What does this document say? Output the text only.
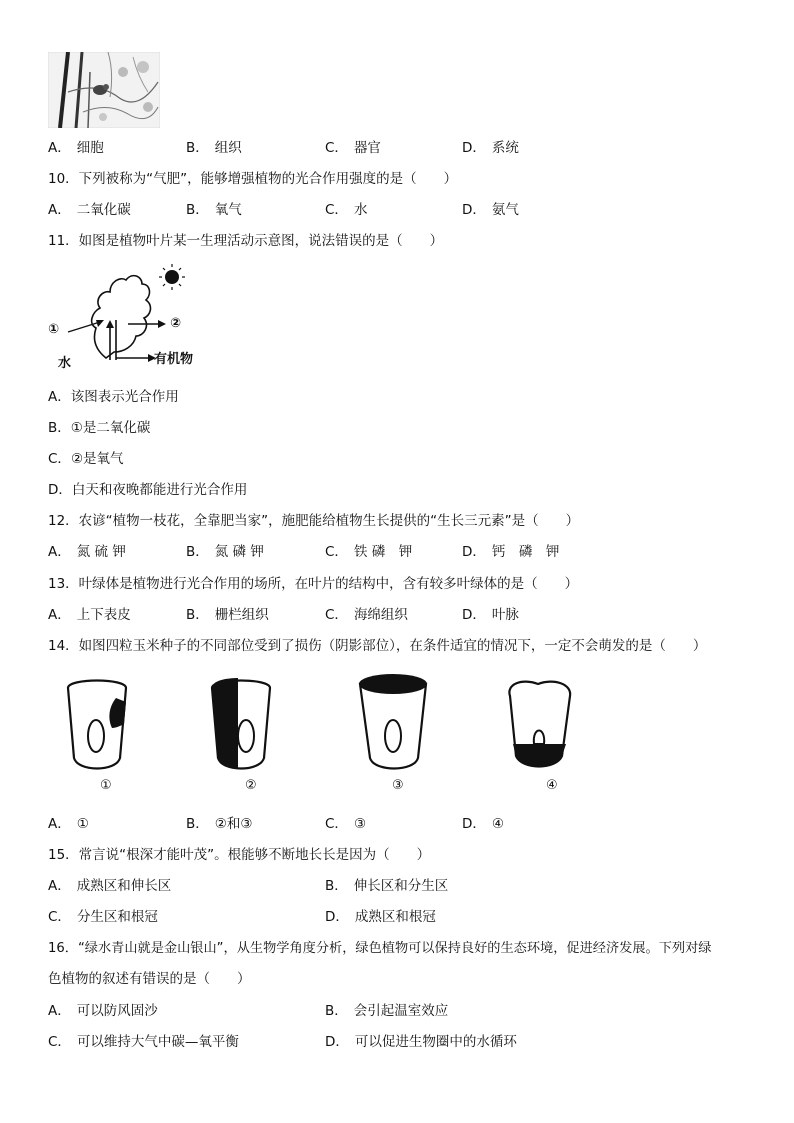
A． 细胞	B． 组织	C． 器官	D． 系统
10．下列被称为“气肥”，能够增强植物的光合作用强度的是（　　）
A． 二氧化碳	B． 氧气	C． 水	D． 氨气
11．如图是植物叶片某一生理活动示意图，说法错误的是（　　）
①	②
水	有机物
A．该图表示光合作用
B．①是二氧化碳
C．②是氧气
D．白天和夜晚都能进行光合作用
12．农谚“植物一枝花，全靠肥当家”，施肥能给植物生长提供的“生长三元素”是（　　）
A． 氮 硫 钾	B． 氮 磷 钾	C． 铁 磷　钾	D． 钙　磷　钾
13．叶绿体是植物进行光合作用的场所，在叶片的结构中，含有较多叶绿体的是（　　）
A． 上下表皮	B． 栅栏组织	C． 海绵组织	D． 叶脉
14．如图四粒玉米种子的不同部位受到了损伤（阴影部位），在条件适宜的情况下，一定不会萌发的是（　　）
①	②	③	④
A． ①	B． ②和③	C． ③	D． ④
15．常言说“根深才能叶茂”。根能够不断地长长是因为（　　）
A． 成熟区和伸长区	B． 伸长区和分生区
C． 分生区和根冠	D． 成熟区和根冠
16．“绿水青山就是金山银山”，从生物学角度分析，绿色植物可以保持良好的生态环境，促进经济发展。下列对绿
色植物的叙述有错误的是（　　）
A． 可以防风固沙	B． 会引起温室效应
C． 可以维持大气中碳—氧平衡	D． 可以促进生物圈中的水循环
